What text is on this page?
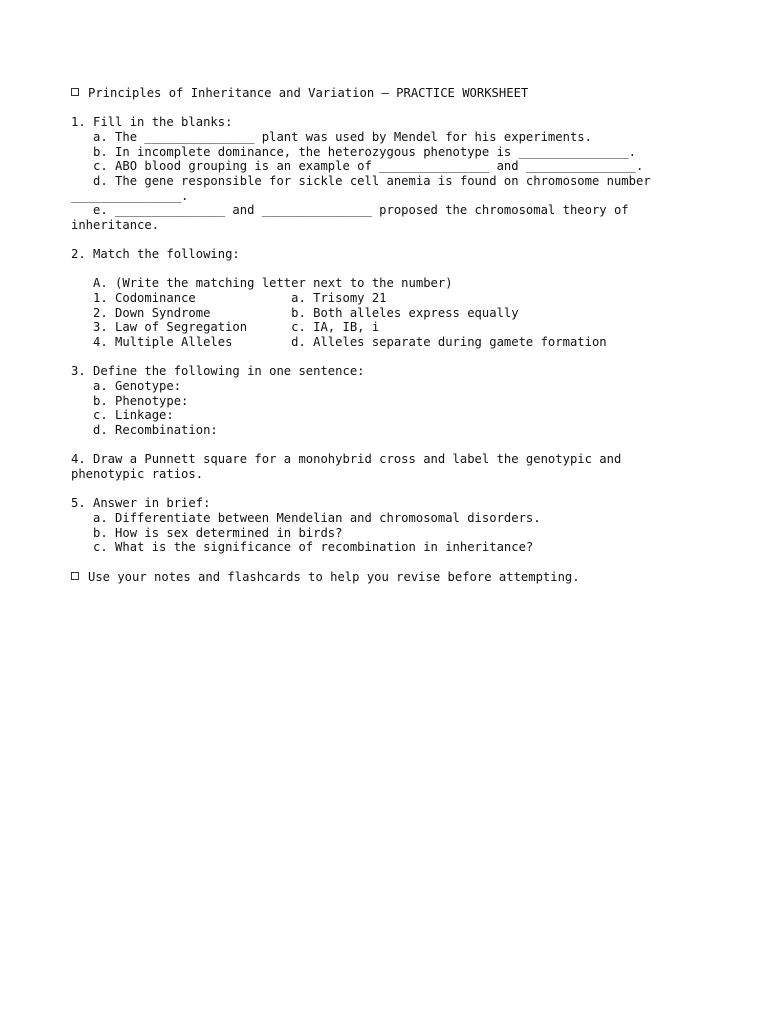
Principles of Inheritance and Variation – PRACTICE WORKSHEET
1. Fill in the blanks:
a. The _______________ plant was used by Mendel for his experiments.
b. In incomplete dominance, the heterozygous phenotype is _______________.
c. ABO blood grouping is an example of _______________ and _______________.
d. The gene responsible for sickle cell anemia is found on chromosome number
_______________.
e. _______________ and _______________ proposed the chromosomal theory of
inheritance.
2. Match the following:
A. (Write the matching letter next to the number)
1. Codominance             a. Trisomy 21
2. Down Syndrome           b. Both alleles express equally
3. Law of Segregation      c. IA, IB, i
4. Multiple Alleles        d. Alleles separate during gamete formation
3. Define the following in one sentence:
a. Genotype:
b. Phenotype:
c. Linkage:
d. Recombination:
4. Draw a Punnett square for a monohybrid cross and label the genotypic and
phenotypic ratios.
5. Answer in brief:
a. Differentiate between Mendelian and chromosomal disorders.
b. How is sex determined in birds?
c. What is the significance of recombination in inheritance?
Use your notes and flashcards to help you revise before attempting.
